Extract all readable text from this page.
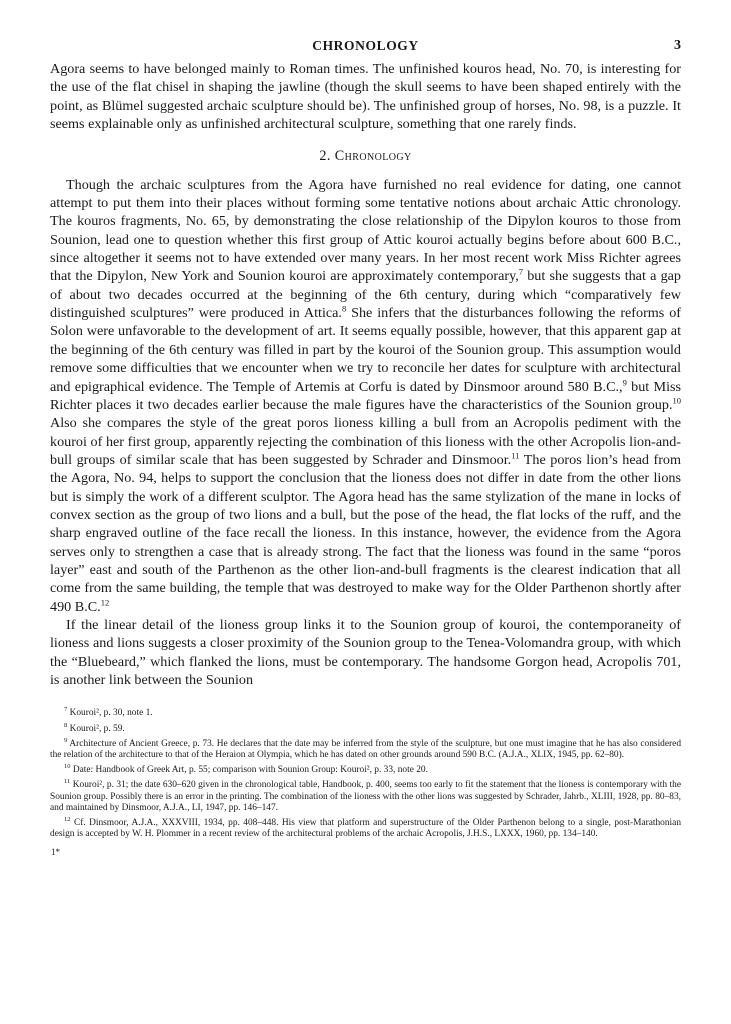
CHRONOLOGY	3

Agora seems to have belonged mainly to Roman times. The unfinished kouros head, No. 70, is interesting for the use of the flat chisel in shaping the jawline (though the skull seems to have been shaped entirely with the point, as Blümel suggested archaic sculpture should be). The unfinished group of horses, No. 98, is a puzzle. It seems explainable only as unfinished architectural sculpture, something that one rarely finds.

2. Chronology

Though the archaic sculptures from the Agora have furnished no real evidence for dating, one cannot attempt to put them into their places without forming some tentative notions about archaic Attic chronology. The kouros fragments, No. 65, by demonstrating the close relationship of the Dipylon kouros to those from Sounion, lead one to question whether this first group of Attic kouroi actually begins before about 600 B.C., since altogether it seems not to have extended over many years. In her most recent work Miss Richter agrees that the Dipylon, New York and Sounion kouroi are approximately contemporary,$^7$ but she suggests that a gap of about two decades occurred at the beginning of the 6th century, during which “comparatively few distinguished sculptures” were produced in Attica.$^8$ She infers that the disturbances following the reforms of Solon were unfavorable to the development of art. It seems equally possible, however, that this apparent gap at the beginning of the 6th century was filled in part by the kouroi of the Sounion group. This assumption would remove some difficulties that we encounter when we try to reconcile her dates for sculpture with architectural and epigraphical evidence. The Temple of Artemis at Corfu is dated by Dinsmoor around 580 B.C.,$^9$ but Miss Richter places it two decades earlier because the male figures have the characteristics of the Sounion group.$^{10}$ Also she compares the style of the great poros lioness killing a bull from an Acropolis pediment with the kouroi of her first group, apparently rejecting the combination of this lioness with the other Acropolis lion-and-bull groups of similar scale that has been suggested by Schrader and Dinsmoor.$^{11}$ The poros lion’s head from the Agora, No. 94, helps to support the conclusion that the lioness does not differ in date from the other lions but is simply the work of a different sculptor. The Agora head has the same stylization of the mane in locks of convex section as the group of two lions and a bull, but the pose of the head, the flat locks of the ruff, and the sharp engraved outline of the face recall the lioness. In this instance, however, the evidence from the Agora serves only to strengthen a case that is already strong. The fact that the lioness was found in the same “poros layer” east and south of the Parthenon as the other lion-and-bull fragments is the clearest indication that all come from the same building, the temple that was destroyed to make way for the Older Parthenon shortly after 490 B.C.$^{12}$

If the linear detail of the lioness group links it to the Sounion group of kouroi, the contemporaneity of lioness and lions suggests a closer proximity of the Sounion group to the Tenea-Volomandra group, with which the “Bluebeard,” which flanked the lions, must be contemporary. The handsome Gorgon head, Acropolis 701, is another link between the Sounion

$^7$ Kouroi², p. 30, note 1.

$^8$ Kouroi², p. 59.

$^9$ Architecture of Ancient Greece, p. 73. He declares that the date may be inferred from the style of the sculpture, but one must imagine that he has also considered the relation of the architecture to that of the Heraion at Olympia, which he has dated on other grounds around 590 B.C. (A.J.A., XLIX, 1945, pp. 62–80).

$^{10}$ Date: Handbook of Greek Art, p. 55; comparison with Sounion Group: Kouroi², p. 33, note 20.

$^{11}$ Kouroi², p. 31; the date 630–620 given in the chronological table, Handbook, p. 400, seems too early to fit the statement that the lioness is contemporary with the Sounion group. Possibly there is an error in the printing. The combination of the lioness with the other lions was suggested by Schrader, Jahrb., XLIII, 1928, pp. 80–83, and maintained by Dinsmoor, A.J.A., LI, 1947, pp. 146–147.

$^{12}$ Cf. Dinsmoor, A.J.A., XXXVIII, 1934, pp. 408–448. His view that platform and superstructure of the Older Parthenon belong to a single, post-Marathonian design is accepted by W. H. Plommer in a recent review of the architectural problems of the archaic Acropolis, J.H.S., LXXX, 1960, pp. 134–140.

1*
